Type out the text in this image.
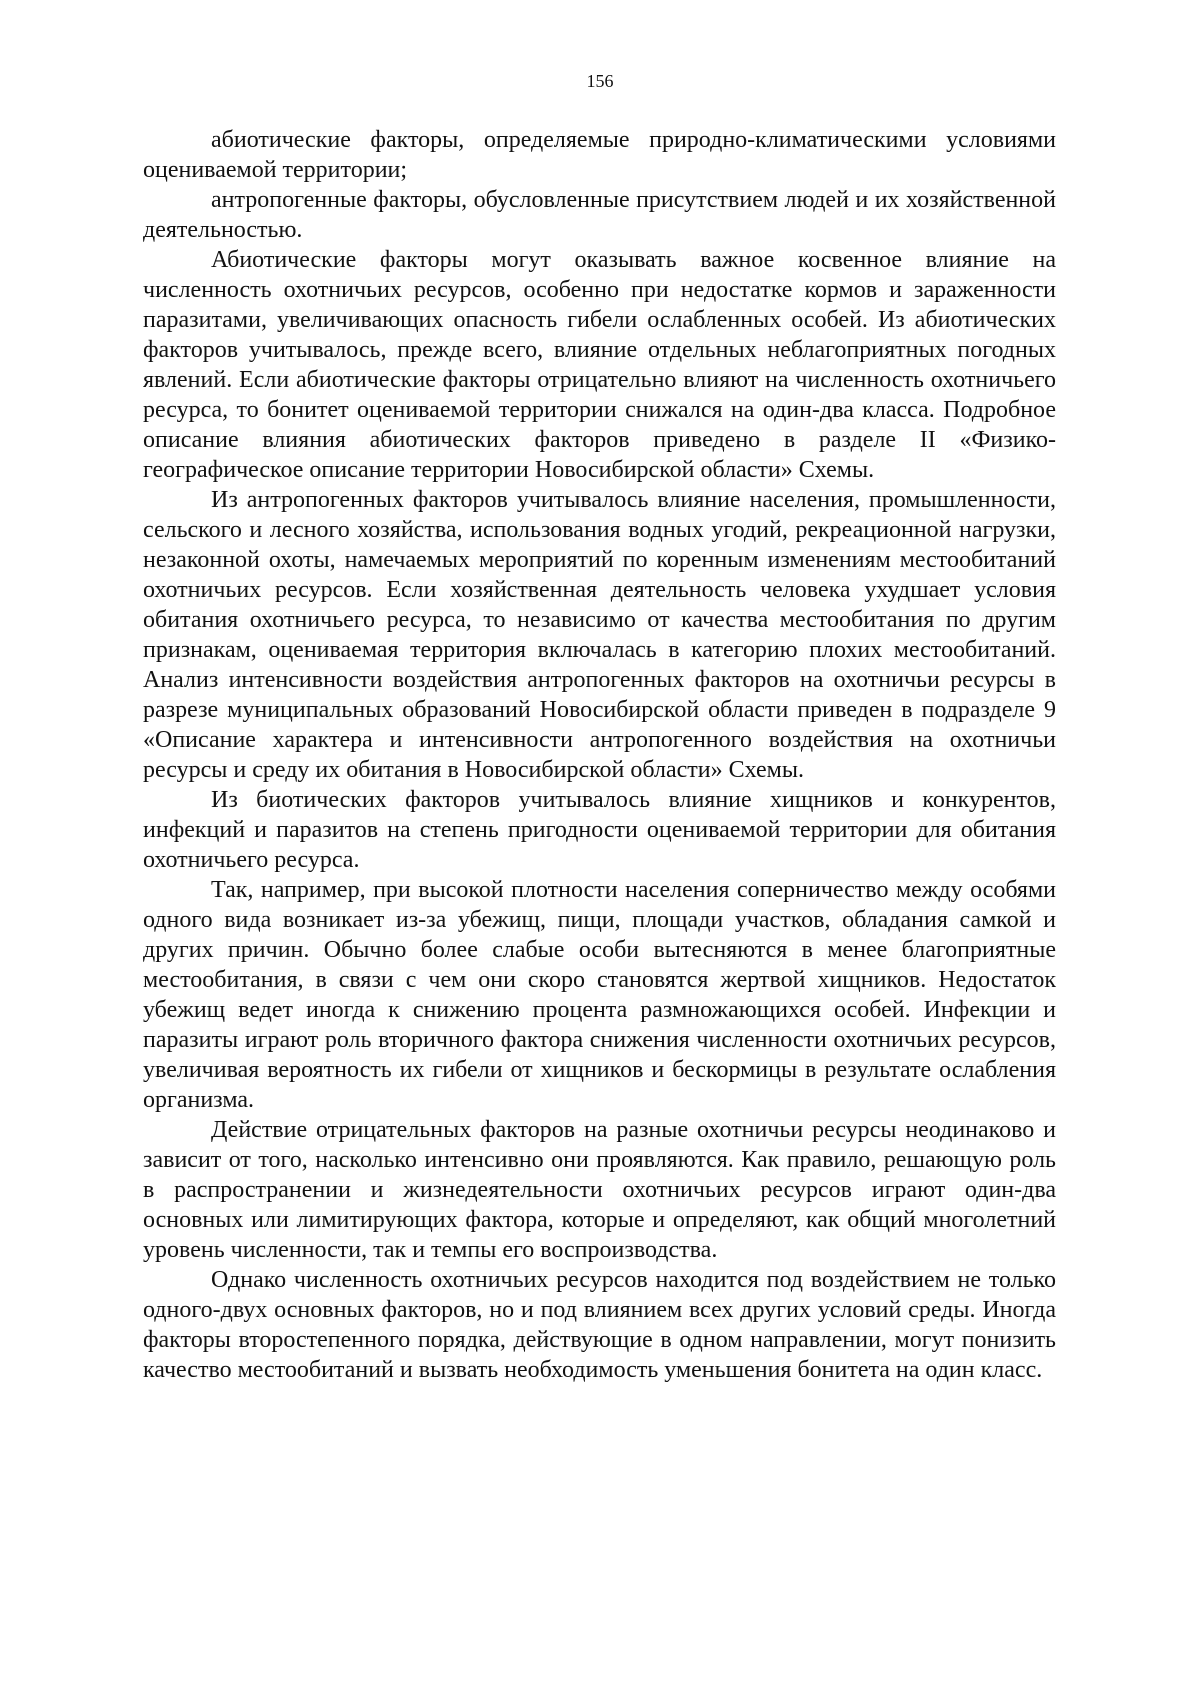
156

абиотические факторы, определяемые природно-климатическими условиями оцениваемой территории;

антропогенные факторы, обусловленные присутствием людей и их хозяйственной деятельностью.

Абиотические факторы могут оказывать важное косвенное влияние на численность охотничьих ресурсов, особенно при недостатке кормов и зараженности паразитами, увеличивающих опасность гибели ослабленных особей. Из абиотических факторов учитывалось, прежде всего, влияние отдельных неблагоприятных погодных явлений. Если абиотические факторы отрицательно влияют на численность охотничьего ресурса, то бонитет оцениваемой территории снижался на один-два класса. Подробное описание влияния абиотических факторов приведено в разделе II «Физико-географическое описание территории Новосибирской области» Схемы.

Из антропогенных факторов учитывалось влияние населения, промышленности, сельского и лесного хозяйства, использования водных угодий, рекреационной нагрузки, незаконной охоты, намечаемых мероприятий по коренным изменениям местообитаний охотничьих ресурсов. Если хозяйственная деятельность человека ухудшает условия обитания охотничьего ресурса, то независимо от качества местообитания по другим признакам, оцениваемая территория включалась в категорию плохих местообитаний. Анализ интенсивности воздействия антропогенных факторов на охотничьи ресурсы в разрезе муниципальных образований Новосибирской области приведен в подразделе 9 «Описание характера и интенсивности антропогенного воздействия на охотничьи ресурсы и среду их обитания в Новосибирской области» Схемы.

Из биотических факторов учитывалось влияние хищников и конкурентов, инфекций и паразитов на степень пригодности оцениваемой территории для обитания охотничьего ресурса.

Так, например, при высокой плотности населения соперничество между особями одного вида возникает из-за убежищ, пищи, площади участков, обладания самкой и других причин. Обычно более слабые особи вытесняются в менее благоприятные местообитания, в связи с чем они скоро становятся жертвой хищников. Недостаток убежищ ведет иногда к снижению процента размножающихся особей. Инфекции и паразиты играют роль вторичного фактора снижения численности охотничьих ресурсов, увеличивая вероятность их гибели от хищников и бескормицы в результате ослабления организма.

Действие отрицательных факторов на разные охотничьи ресурсы неодинаково и зависит от того, насколько интенсивно они проявляются. Как правило, решающую роль в распространении и жизнедеятельности охотничьих ресурсов играют один-два основных или лимитирующих фактора, которые и определяют, как общий многолетний уровень численности, так и темпы его воспроизводства.

Однако численность охотничьих ресурсов находится под воздействием не только одного-двух основных факторов, но и под влиянием всех других условий среды. Иногда факторы второстепенного порядка, действующие в одном направлении, могут понизить качество местообитаний и вызвать необходимость уменьшения бонитета на один класс.
